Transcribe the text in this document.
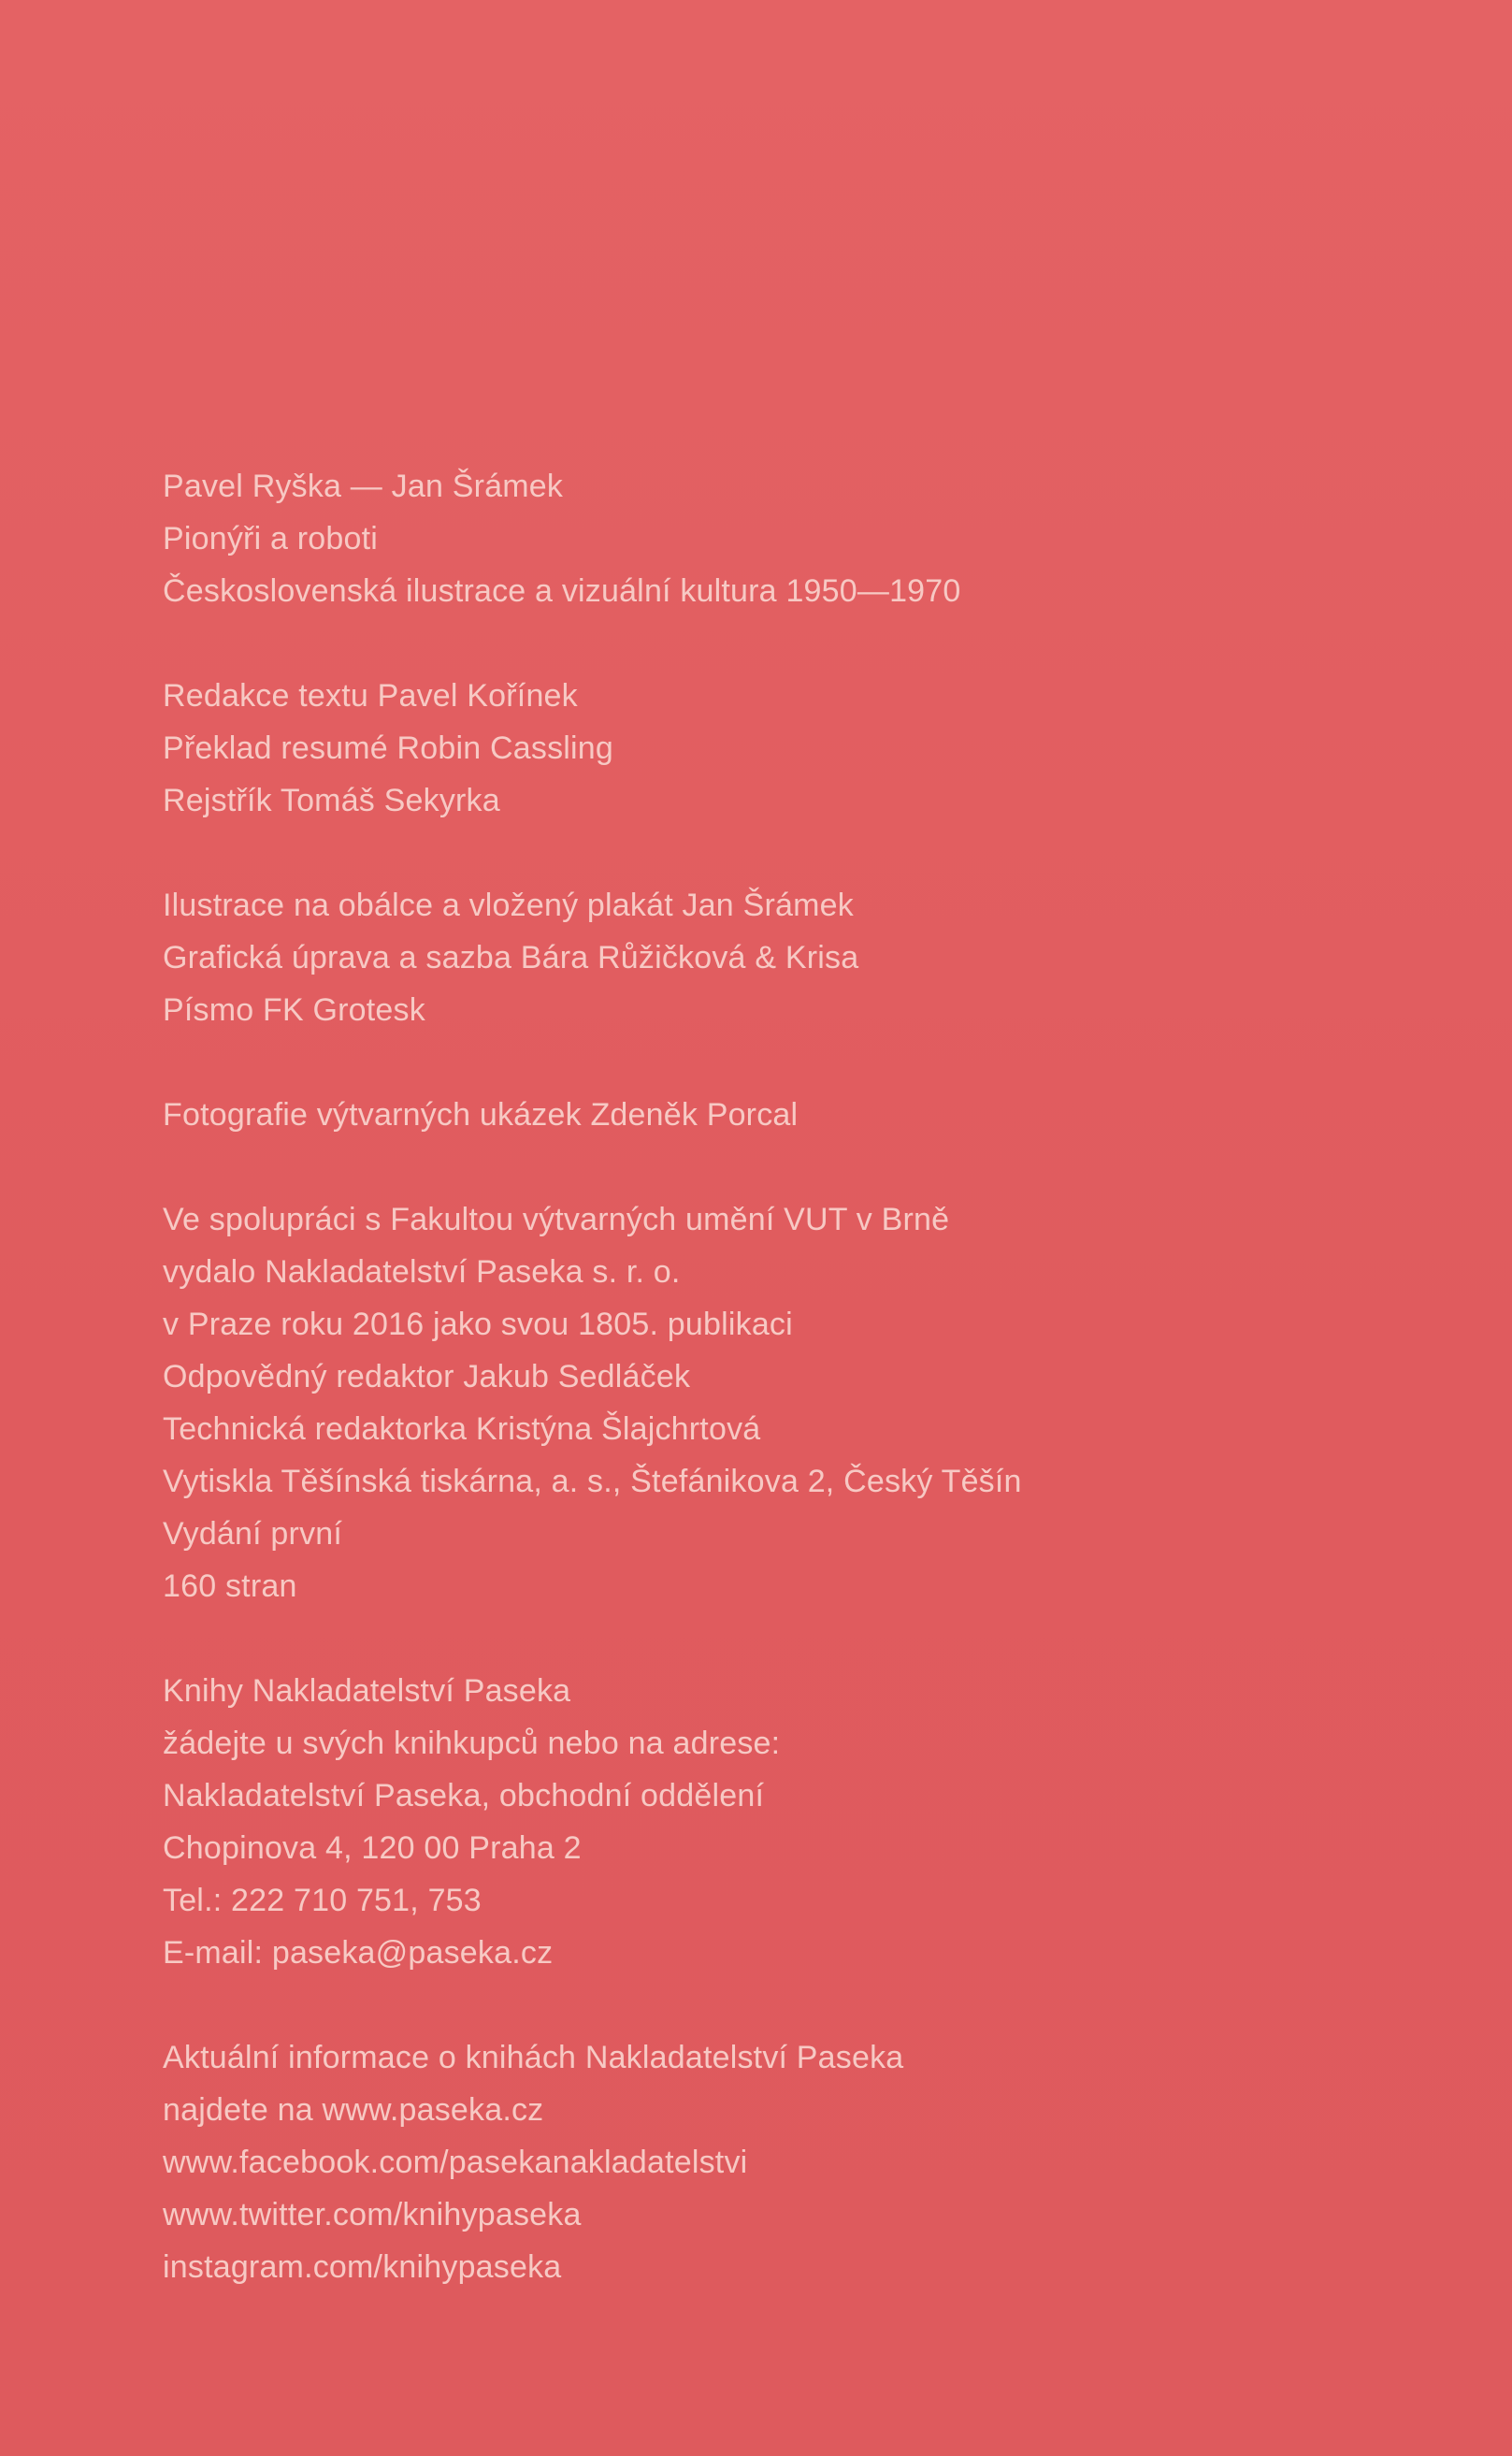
Pavel Ryška — Jan Šrámek
Pionýři a roboti
Československá ilustrace a vizuální kultura 1950—1970
Redakce textu Pavel Kořínek
Překlad resumé Robin Cassling
Rejstřík Tomáš Sekyrka
Ilustrace na obálce a vložený plakát Jan Šrámek
Grafická úprava a sazba Bára Růžičková & Krisa
Písmo FK Grotesk
Fotografie výtvarných ukázek Zdeněk Porcal
Ve spolupráci s Fakultou výtvarných umění VUT v Brně
vydalo Nakladatelství Paseka s. r. o.
v Praze roku 2016 jako svou 1805. publikaci
Odpovědný redaktor Jakub Sedláček
Technická redaktorka Kristýna Šlajchrtová
Vytiskla Těšínská tiskárna, a. s., Štefánikova 2, Český Těšín
Vydání první
160 stran
Knihy Nakladatelství Paseka
žádejte u svých knihkupců nebo na adrese:
Nakladatelství Paseka, obchodní oddělení
Chopinova 4, 120 00 Praha 2
Tel.: 222 710 751, 753
E-mail: paseka@paseka.cz
Aktuální informace o knihách Nakladatelství Paseka
najdete na www.paseka.cz
www.facebook.com/pasekanakladatelstvi
www.twitter.com/knihypaseka
instagram.com/knihypaseka
